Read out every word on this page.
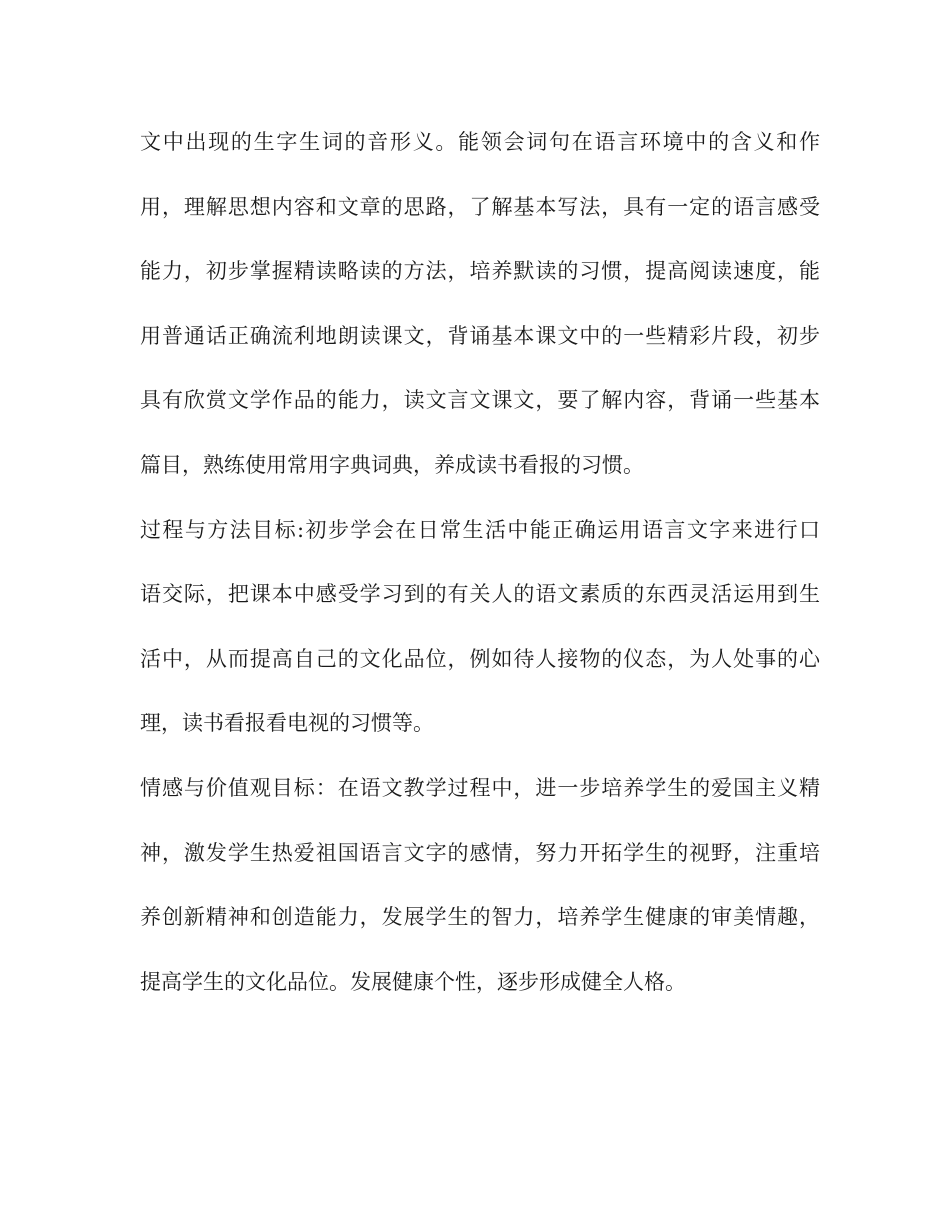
文中出现的生字生词的音形义。能领会词句在语言环境中的含义和作
用，理解思想内容和文章的思路，了解基本写法，具有一定的语言感受
能力，初步掌握精读略读的方法，培养默读的习惯，提高阅读速度，能
用普通话正确流利地朗读课文，背诵基本课文中的一些精彩片段，初步
具有欣赏文学作品的能力，读文言文课文，要了解内容，背诵一些基本
篇目，熟练使用常用字典词典，养成读书看报的习惯。
过程与方法目标:初步学会在日常生活中能正确运用语言文字来进行口
语交际，把课本中感受学习到的有关人的语文素质的东西灵活运用到生
活中，从而提高自己的文化品位，例如待人接物的仪态，为人处事的心
理，读书看报看电视的习惯等。
情感与价值观目标：在语文教学过程中，进一步培养学生的爱国主义精
神，激发学生热爱祖国语言文字的感情，努力开拓学生的视野，注重培
养创新精神和创造能力，发展学生的智力，培养学生健康的审美情趣，
提高学生的文化品位。发展健康个性，逐步形成健全人格。
